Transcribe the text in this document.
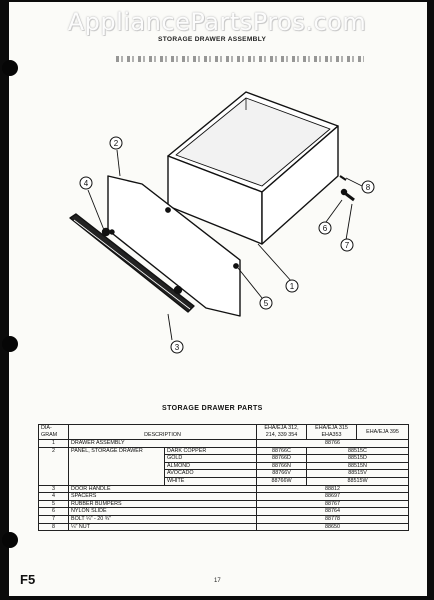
AppliancePartsPros.com
STORAGE DRAWER ASSEMBLY
1
2
3
4
5
6
7
8
STORAGE DRAWER PARTS
DIA-GRAM	DESCRIPTION		EHA/EJA 312, 214, 339 354	EHA/EJA 315 EHA353	EHA/EJA 395
1	DRAWER ASSEMBLY		88766		
2	PANEL, STORAGE DRAWER	DARK COPPER	88766C	88515C	
		GOLD	88766D	88515D	
		ALMOND	88766N	88515N	
		AVOCADO	88766V	88515V	
		WHITE	88766W	88515W	
3	DOOR HANDLE		88812		
4	SPACERS		88697		
5	RUBBER BUMPERS		88767		
6	NYLON SLIDE		88764		
7	BOLT ¼" - 20 ¾"		88778		
8	¼" NUT		88650		
F5	17
